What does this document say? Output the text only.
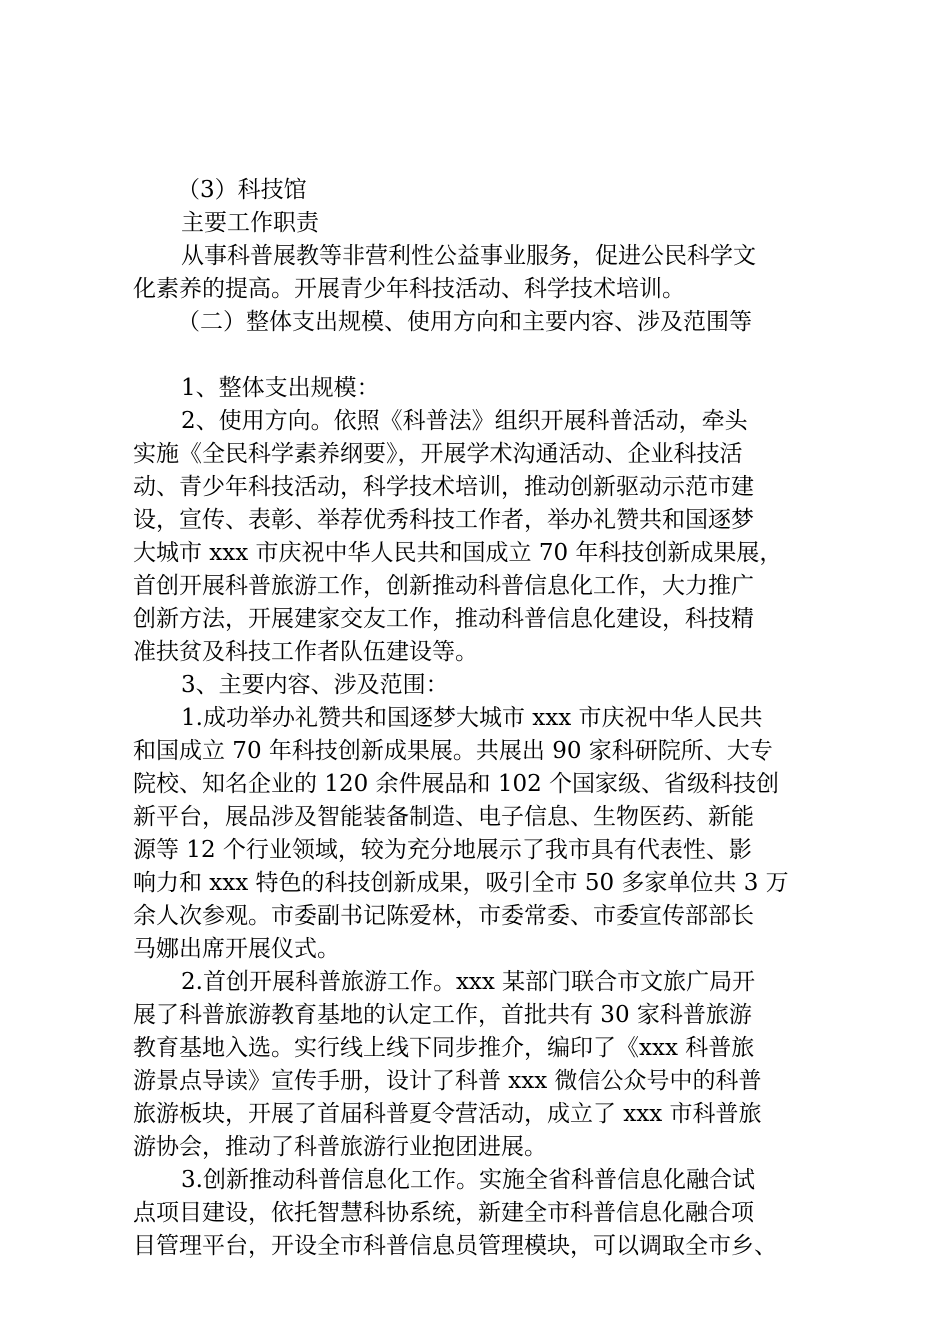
（3）科技馆
主要工作职责
从事科普展教等非营利性公益事业服务，促进公民科学文
化素养的提高。开展青少年科技活动、科学技术培训。
（二）整体支出规模、使用方向和主要内容、涉及范围等
1、整体支出规模：
2、使用方向。依照《科普法》组织开展科普活动，牵头
实施《全民科学素养纲要》，开展学术沟通活动、企业科技活
动、青少年科技活动，科学技术培训，推动创新驱动示范市建
设，宣传、表彰、举荐优秀科技工作者，举办礼赞共和国逐梦
大城市 xxx 市庆祝中华人民共和国成立 70 年科技创新成果展，
首创开展科普旅游工作，创新推动科普信息化工作，大力推广
创新方法，开展建家交友工作，推动科普信息化建设，科技精
准扶贫及科技工作者队伍建设等。
3、主要内容、涉及范围：
1.成功举办礼赞共和国逐梦大城市 xxx 市庆祝中华人民共
和国成立 70 年科技创新成果展。共展出 90 家科研院所、大专
院校、知名企业的 120 余件展品和 102 个国家级、省级科技创
新平台，展品涉及智能装备制造、电子信息、生物医药、新能
源等 12 个行业领域，较为充分地展示了我市具有代表性、影
响力和 xxx 特色的科技创新成果，吸引全市 50 多家单位共 3 万
余人次参观。市委副书记陈爱林，市委常委、市委宣传部部长
马娜出席开展仪式。
2.首创开展科普旅游工作。xxx 某部门联合市文旅广局开
展了科普旅游教育基地的认定工作，首批共有 30 家科普旅游
教育基地入选。实行线上线下同步推介，编印了《xxx 科普旅
游景点导读》宣传手册，设计了科普 xxx 微信公众号中的科普
旅游板块，开展了首届科普夏令营活动，成立了 xxx 市科普旅
游协会，推动了科普旅游行业抱团进展。
3.创新推动科普信息化工作。实施全省科普信息化融合试
点项目建设，依托智慧科协系统，新建全市科普信息化融合项
目管理平台，开设全市科普信息员管理模块，可以调取全市乡、
